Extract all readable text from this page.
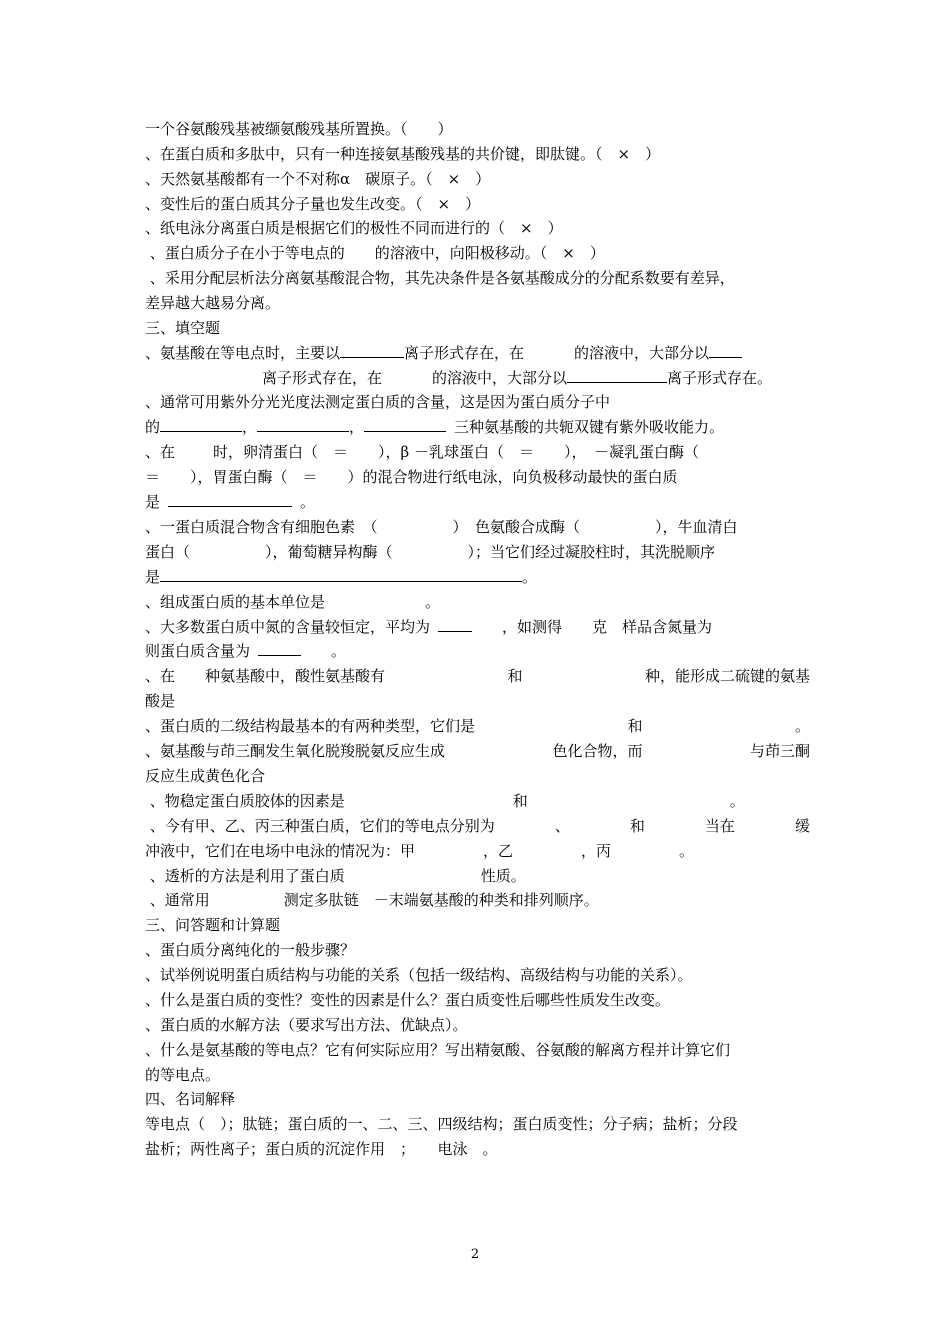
一个谷氨酸残基被缬氨酸残基所置换。（　　）
、在蛋白质和多肽中，只有一种连接氨基酸残基的共价键，即肽键。（　×　）
、天然氨基酸都有一个不对称α　碳原子。（　×　）
、变性后的蛋白质其分子量也发生改变。（　×　）
、纸电泳分离蛋白质是根据它们的极性不同而进行的（　×　）
、蛋白质分子在小于等电点的　　的溶液中，向阳极移动。（　×　）
、采用分配层析法分离氨基酸混合物，其先决条件是各氨基酸成分的分配系数要有差异，
差异越大越易分离。
三、填空题
、氨基酸在等电点时，主要以	离子形式存在，在	的溶液中，大部分以
离子形式存在，在	的溶液中，大部分以	离子形式存在。
、通常可用紫外分光光度法测定蛋白质的含量，这是因为蛋白质分子中
的	，	，	三种氨基酸的共轭双键有紫外吸收能力。
、在	时，卵清蛋白（　＝　　），β －乳球蛋白（　＝　　），　－凝乳蛋白酶（
＝　　），胃蛋白酶（　＝　　）的混合物进行纸电泳，向负极移动最快的蛋白质
是	。
、一蛋白质混合物含有细胞色素　（　　　　　）　色氨酸合成酶（　　　　　），牛血清白
蛋白（　　　　　），葡萄糖异构酶（　　　　　）；当它们经过凝胶柱时，其洗脱顺序
是	。
、组成蛋白质的基本单位是	。
、大多数蛋白质中氮的含量较恒定，平均为	，如测得　　克　样品含氮量为
则蛋白质含量为	。
、在 种氨基酸中，酸性氨基酸有	和	种，能形成二硫键的氨基
酸是
、蛋白质的二级结构最基本的有两种类型，它们是	和	。
、氨基酸与茚三酮发生氧化脱羧脱氨反应生成	色化合物，而	与茚三酮
反应生成黄色化合
、物稳定蛋白质胶体的因素是	和	。
、今有甲、乙、丙三种蛋白质，它们的等电点分别为	、	和	当在	缓
冲液中，它们在电场中电泳的情况为：甲	，乙	，丙	。
、透析的方法是利用了蛋白质	性质。
、通常用	测定多肽链　－末端氨基酸的种类和排列顺序。
三、问答题和计算题
、蛋白质分离纯化的一般步骤？
、试举例说明蛋白质结构与功能的关系（包括一级结构、高级结构与功能的关系）。
、什么是蛋白质的变性？变性的因素是什么？蛋白质变性后哪些性质发生改变。
、蛋白质的水解方法（要求写出方法、优缺点）。
、什么是氨基酸的等电点？它有何实际应用？写出精氨酸、谷氨酸的解离方程并计算它们
的等电点。
四、名词解释
等电点（　）；肽链；蛋白质的一、二、三、四级结构；蛋白质变性；分子病；盐析；分段
盐析；两性离子；蛋白质的沉淀作用　；　　电泳　。
2
